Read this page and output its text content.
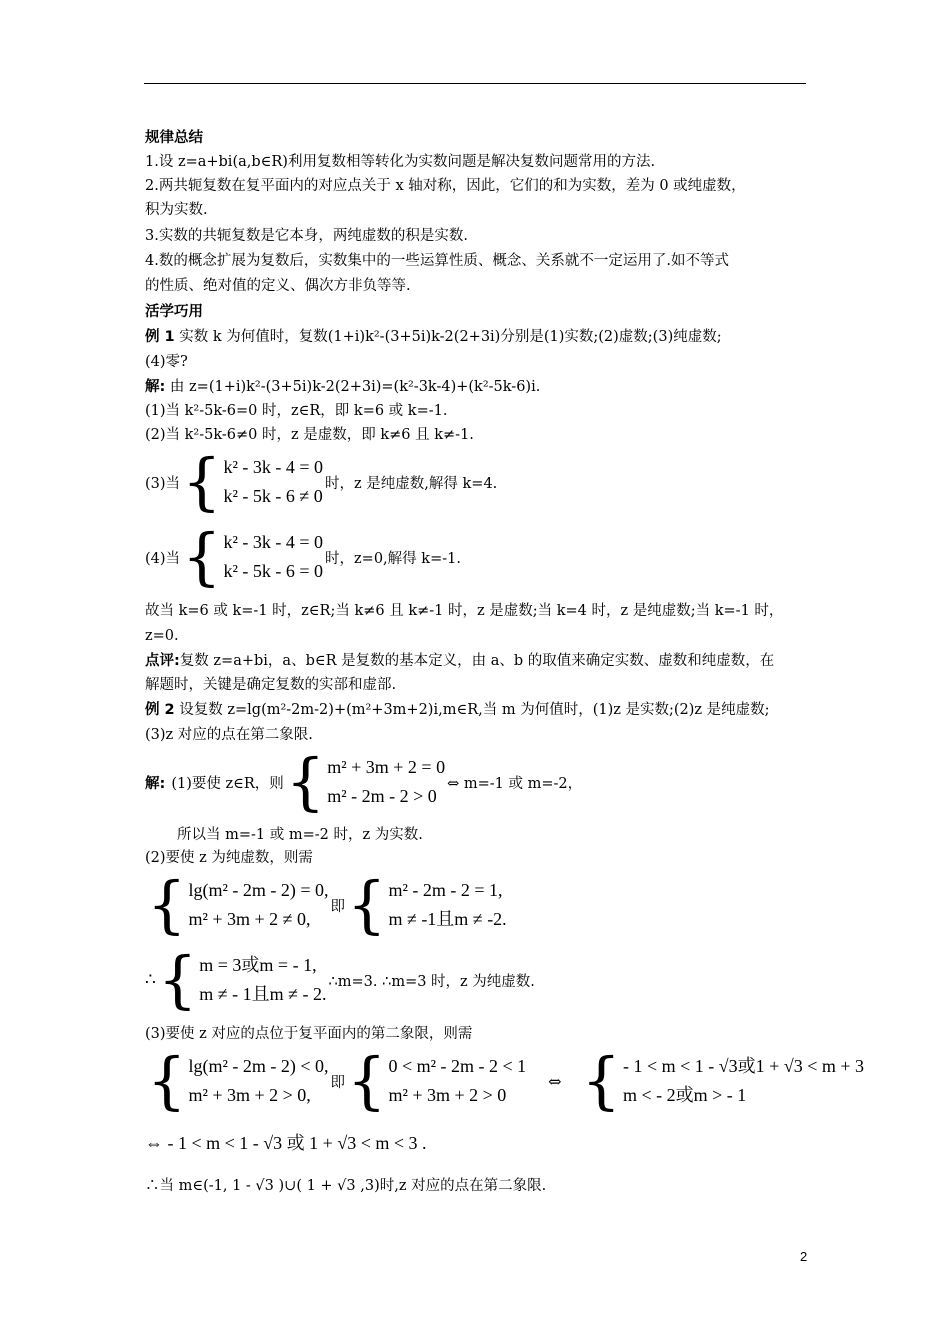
规律总结
1.设 z=a+bi(a,b∈R)利用复数相等转化为实数问题是解决复数问题常用的方法.
2.两共轭复数在复平面内的对应点关于 x 轴对称，因此，它们的和为实数，差为 0 或纯虚数，
积为实数.
3.实数的共轭复数是它本身，两纯虚数的积是实数.
4.数的概念扩展为复数后，实数集中的一些运算性质、概念、关系就不一定运用了.如不等式
的性质、绝对值的定义、偶次方非负等等.
活学巧用
例 1 实数 k 为何值时，复数(1+i)k²-(3+5i)k-2(2+3i)分别是(1)实数;(2)虚数;(3)纯虚数;
(4)零?
解: 由 z=(1+i)k²-(3+5i)k-2(2+3i)=(k²-3k-4)+(k²-5k-6)i.
(1)当 k²-5k-6=0 时，z∈R，即 k=6 或 k=-1.
(2)当 k²-5k-6≠0 时，z 是虚数，即 k≠6 且 k≠-1.
(3)当 { k² - 3k - 4 = 0
k² - 5k - 6 ≠ 0
时，z 是纯虚数,解得 k=4.
(4)当 { k² - 3k - 4 = 0
k² - 5k - 6 = 0
时，z=0,解得 k=-1.
故当 k=6 或 k=-1 时，z∈R;当 k≠6 且 k≠-1 时，z 是虚数;当 k=4 时，z 是纯虚数;当 k=-1 时，
z=0.
点评:复数 z=a+bi，a、b∈R 是复数的基本定义，由 a、b 的取值来确定实数、虚数和纯虚数，在
解题时，关键是确定复数的实部和虚部.
例 2 设复数 z=lg(m²-2m-2)+(m²+3m+2)i,m∈R,当 m 为何值时，(1)z 是实数;(2)z 是纯虚数;
(3)z 对应的点在第二象限.
解: (1)要使 z∈R，则 { m² + 3m + 2 = 0
m² - 2m - 2 > 0
⇔ m=-1 或 m=-2，
所以当 m=-1 或 m=-2 时，z 为实数.
(2)要使 z 为纯虚数，则需
{ lg(m² - 2m - 2) = 0,
m² + 3m + 2 ≠ 0,
即 { m² - 2m - 2 = 1,
m ≠ -1且m ≠ -2.
∴ { m = 3或m = - 1,
m ≠ - 1且m ≠ - 2.
∴m=3. ∴m=3 时，z 为纯虚数.
(3)要使 z 对应的点位于复平面内的第二象限，则需
{ lg(m² - 2m - 2) < 0,
m² + 3m + 2 > 0,
即 { 0 < m² - 2m - 2 < 1
m² + 3m + 2 > 0
⇔ { - 1 < m < 1 - √3或1 + √3 < m + 3
m < - 2或m > - 1
⇔ - 1 < m < 1 - √3 或 1 + √3 < m < 3 .
∴当 m∈(-1, 1 - √3 )∪( 1 + √3 ,3)时,z 对应的点在第二象限.
2
